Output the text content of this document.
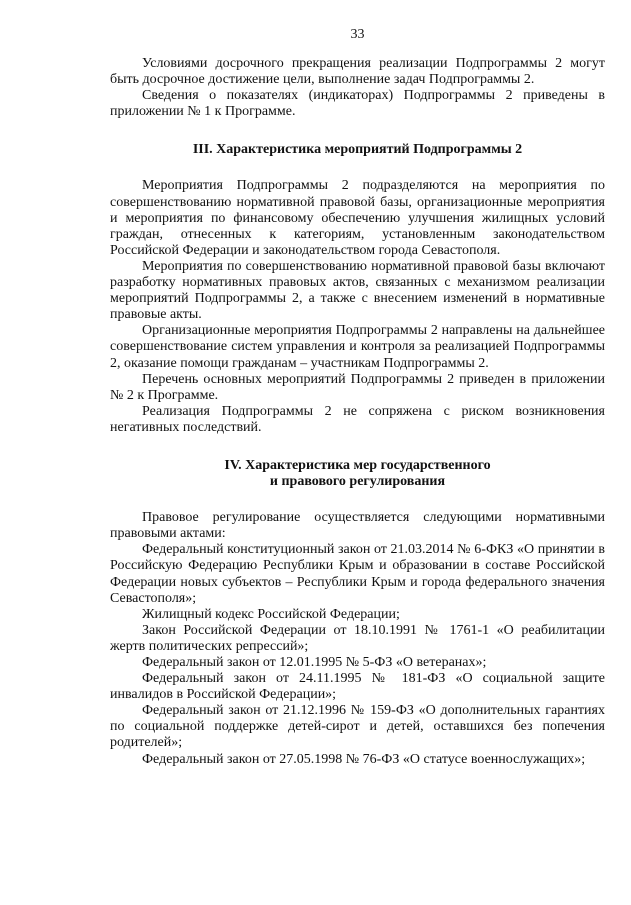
33

Условиями досрочного прекращения реализации Подпрограммы 2 могут быть досрочное достижение цели, выполнение задач Подпрограммы 2.

Сведения о показателях (индикаторах) Подпрограммы 2 приведены в приложении № 1 к Программе.

III. Характеристика мероприятий Подпрограммы 2

Мероприятия Подпрограммы 2 подразделяются на мероприятия по совершенствованию нормативной правовой базы, организационные мероприятия и мероприятия по финансовому обеспечению улучшения жилищных условий граждан, отнесенных к категориям, установленным законодательством Российской Федерации и законодательством города Севастополя.

Мероприятия по совершенствованию нормативной правовой базы включают разработку нормативных правовых актов, связанных с механизмом реализации мероприятий Подпрограммы 2, а также с внесением изменений в нормативные правовые акты.

Организационные мероприятия Подпрограммы 2 направлены на дальнейшее совершенствование систем управления и контроля за реализацией Подпрограммы 2, оказание помощи гражданам – участникам Подпрограммы 2.

Перечень основных мероприятий Подпрограммы 2 приведен в приложении № 2 к Программе.

Реализация Подпрограммы 2 не сопряжена с риском возникновения негативных последствий.

IV. Характеристика мер государственного
и правового регулирования

Правовое регулирование осуществляется следующими нормативными правовыми актами:

Федеральный конституционный закон от 21.03.2014 № 6-ФКЗ «О принятии в Российскую Федерацию Республики Крым и образовании в составе Российской Федерации новых субъектов – Республики Крым и города федерального значения Севастополя»;

Жилищный кодекс Российской Федерации;

Закон Российской Федерации от 18.10.1991 № 1761-1 «О реабилитации жертв политических репрессий»;

Федеральный закон от 12.01.1995 № 5-ФЗ «О ветеранах»;

Федеральный закон от 24.11.1995 № 181-ФЗ «О социальной защите инвалидов в Российской Федерации»;

Федеральный закон от 21.12.1996 № 159-ФЗ «О дополнительных гарантиях по социальной поддержке детей-сирот и детей, оставшихся без попечения родителей»;

Федеральный закон от 27.05.1998 № 76-ФЗ «О статусе военнослужащих»;
